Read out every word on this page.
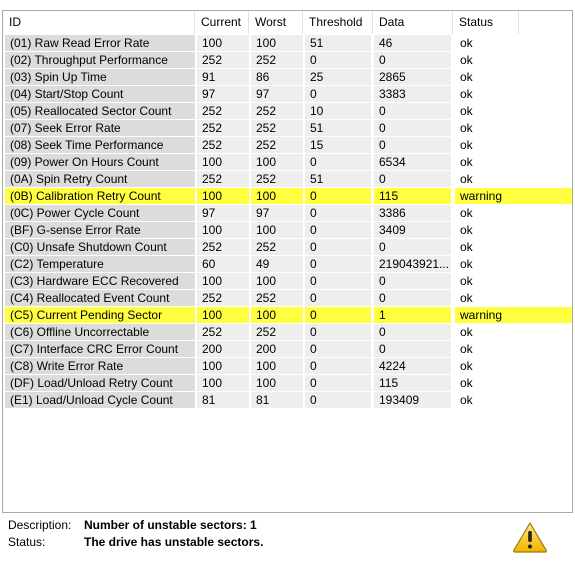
ID	Current	Worst	Threshold	Data	Status
(01) Raw Read Error Rate	100	100	51	46	ok
(02) Throughput Performance	252	252	0	0	ok
(03) Spin Up Time	91	86	25	2865	ok
(04) Start/Stop Count	97	97	0	3383	ok
(05) Reallocated Sector Count	252	252	10	0	ok
(07) Seek Error Rate	252	252	51	0	ok
(08) Seek Time Performance	252	252	15	0	ok
(09) Power On Hours Count	100	100	0	6534	ok
(0A) Spin Retry Count	252	252	51	0	ok
(0B) Calibration Retry Count	100	100	0	115	warning
(0C) Power Cycle Count	97	97	0	3386	ok
(BF) G-sense Error Rate	100	100	0	3409	ok
(C0) Unsafe Shutdown Count	252	252	0	0	ok
(C2) Temperature	60	49	0	219043921... ok
(C3) Hardware ECC Recovered	100	100	0	0	ok
(C4) Reallocated Event Count	252	252	0	0	ok
(C5) Current Pending Sector	100	100	0	1	warning
(C6) Offline Uncorrectable	252	252	0	0	ok
(C7) Interface CRC Error Count	200	200	0	0	ok
(C8) Write Error Rate	100	100	0	4224	ok
(DF) Load/Unload Retry Count	100	100	0	115	ok
(E1) Load/Unload Cycle Count	81	81	0	193409	ok
Description:	Number of unstable sectors: 1
Status:	The drive has unstable sectors.
